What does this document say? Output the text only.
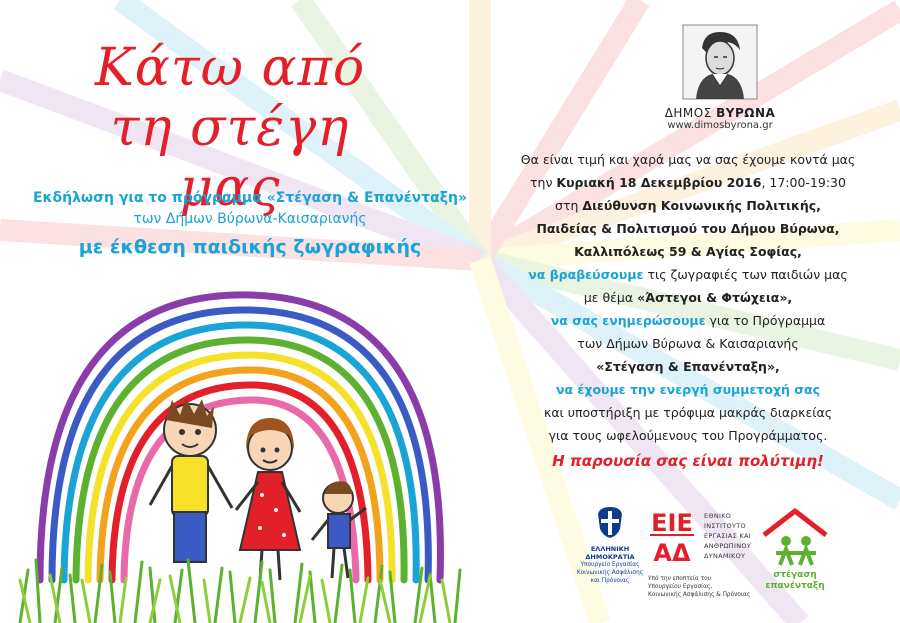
Κάτω από
τη στέγη μας
Εκδήλωση για το πρόγραμμα «Στέγαση & Επανένταξη»
των Δήμων Βύρωνα-Καισαριανής
με έκθεση παιδικής ζωγραφικής
ΔΗΜΟΣ ΒΥΡΩΝΑ
www.dimosbyrona.gr
Θα είναι τιμή και χαρά μας να σας έχουμε κοντά μας
την Κυριακή 18 Δεκεμβρίου 2016, 17:00-19:30
στη Διεύθυνση Κοινωνικής Πολιτικής,
Παιδείας & Πολιτισμού του Δήμου Βύρωνα,
Καλλιπόλεως 59 & Αγίας Σοφίας,
να βραβεύσουμε τις ζωγραφιές των παιδιών μας
με θέμα «Άστεγοι & Φτώχεια»,
να σας ενημερώσουμε για το Πρόγραμμα
των Δήμων Βύρωνα & Καισαριανής
«Στέγαση & Επανένταξη»,
να έχουμε την ενεργή συμμετοχή σας
και υποστήριξη με τρόφιμα μακράς διαρκείας
για τους ωφελούμενους του Προγράμματος.
Η παρουσία σας είναι πολύτιμη!
ΕΛΛΗΝΙΚΗ ΔΗΜΟΚΡΑΤΙΑ
Υπουργείο Εργασίας
Κοινωνικής Ασφάλισης
και Πρόνοιας
ΕΙΕ
ΑΔ
ΕΘΝΙΚΟ
ΙΝΣΤΙΤΟΥΤΟ
ΕΡΓΑΣΙΑΣ ΚΑΙ
ΑΝΘΡΩΠΙΝΟΥ
ΔΥΝΑΜΙΚΟΥ
Υπό την εποπτεία του
Υπουργείου Εργασίας,
Κοινωνικής Ασφάλισης & Πρόνοιας
στέγαση
επανένταξη
